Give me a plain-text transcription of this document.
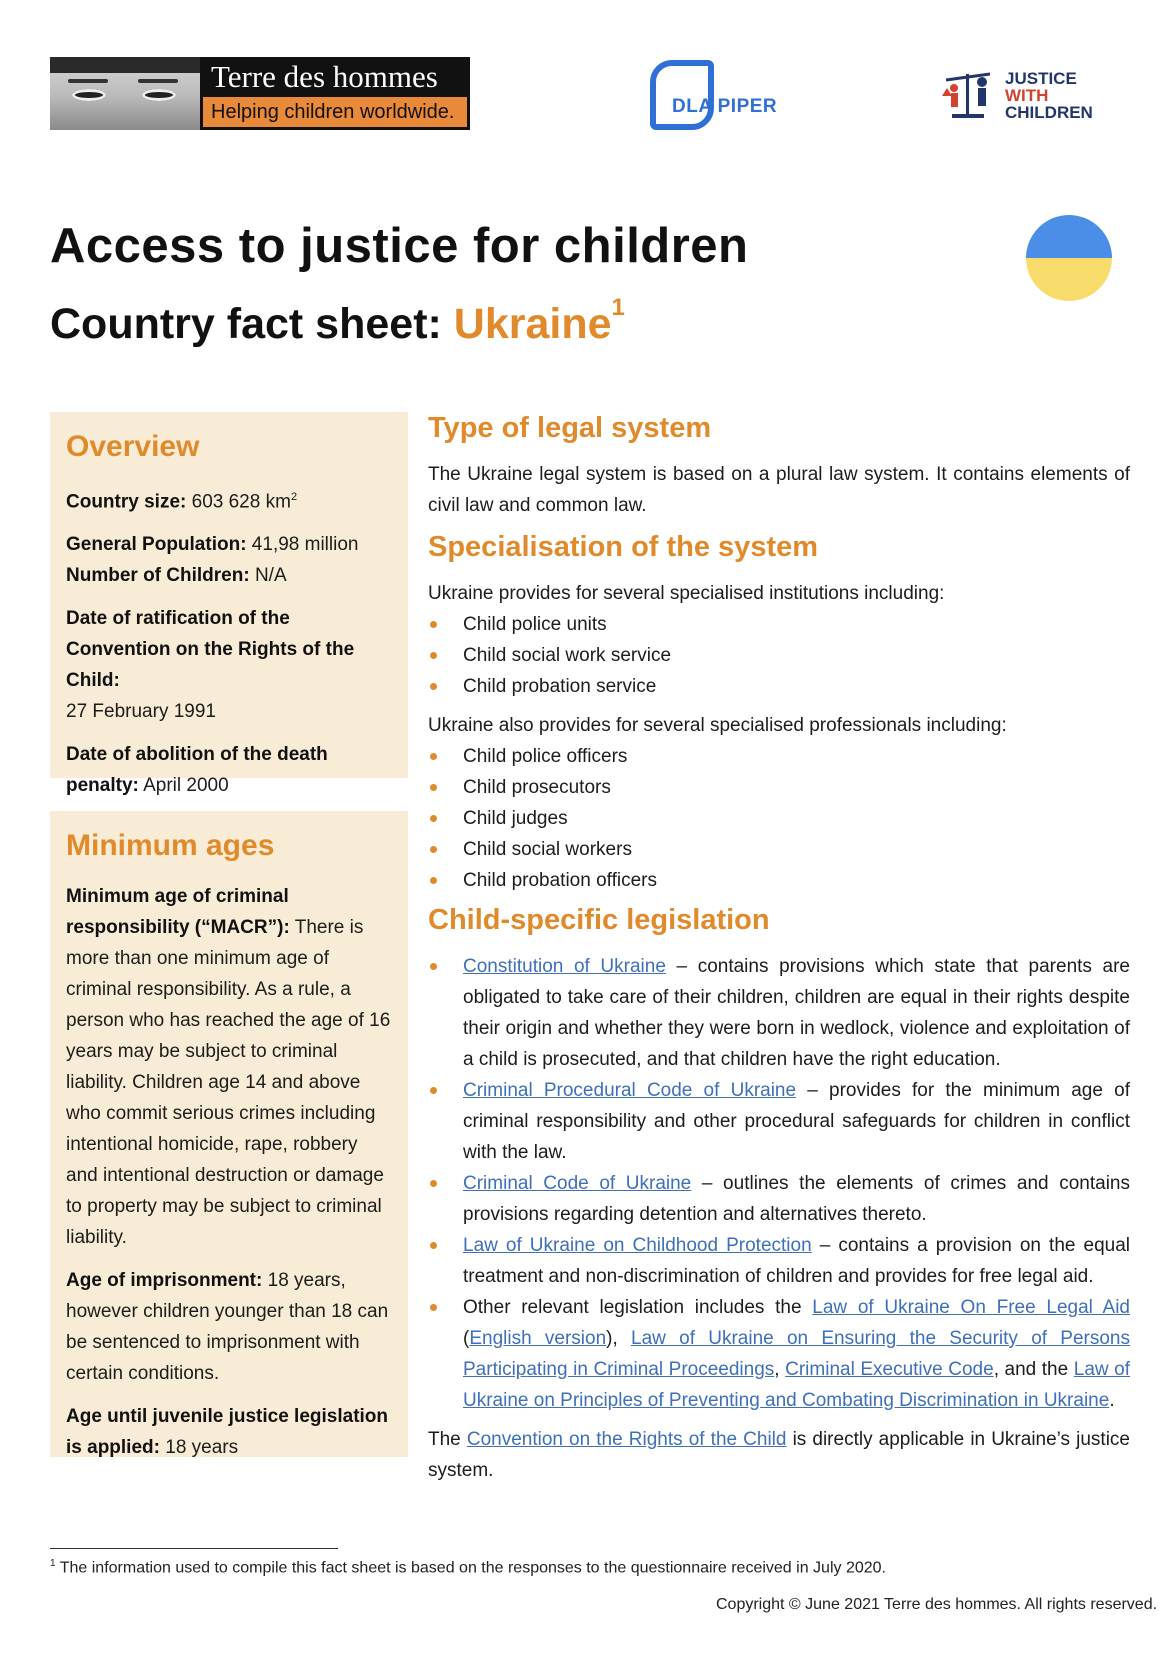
Terre des hommes
Helping children worldwide.	DLA PIPER
JUSTICE
WITH
CHILDREN
Access to justice for children
Country fact sheet: Ukraine$^1$
Overview

Country size: 603 628 $km^2$

General Population: 41,98 million
Number of Children: N/A

Date of ratification of the Convention on the Rights of the Child:
27 February 1991

Date of abolition of the death penalty: April 2000

Minimum ages

Minimum age of criminal responsibility (“MACR”): There is more than one minimum age of criminal responsibility. As a rule, a person who has reached the age of 16 years may be subject to criminal liability. Children age 14 and above who commit serious crimes including intentional homicide, rape, robbery and intentional destruction or damage to property may be subject to criminal liability.

Age of imprisonment: 18 years, however children younger than 18 can be sentenced to imprisonment with certain conditions.

Age until juvenile justice legislation is applied: 18 years

Type of legal system

The Ukraine legal system is based on a plural law system. It contains elements of civil law and common law.

Specialisation of the system

Ukraine provides for several specialised institutions including:

Child police units
Child social work service
Child probation service

Ukraine also provides for several specialised professionals including:

Child police officers
Child prosecutors
Child judges
Child social workers
Child probation officers
Child-specific legislation
Constitution of Ukraine – contains provisions which state that parents are obligated to take care of their children, children are equal in their rights despite their origin and whether they were born in wedlock, violence and exploitation of a child is prosecuted, and that children have the right education.
Criminal Procedural Code of Ukraine – provides for the minimum age of criminal responsibility and other procedural safeguards for children in conflict with the law.
Criminal Code of Ukraine – outlines the elements of crimes and contains provisions regarding detention and alternatives thereto.
Law of Ukraine on Childhood Protection – contains a provision on the equal treatment and non-discrimination of children and provides for free legal aid.
Other relevant legislation includes the Law of Ukraine On Free Legal Aid (English version), Law of Ukraine on Ensuring the Security of Persons Participating in Criminal Proceedings, Criminal Executive Code, and the Law of Ukraine on Principles of Preventing and Combating Discrimination in Ukraine.

The Convention on the Rights of the Child is directly applicable in Ukraine’s justice system.

$^1$ The information used to compile this fact sheet is based on the responses to the questionnaire received in July 2020.
Copyright © June 2021 Terre des hommes. All rights reserved.
